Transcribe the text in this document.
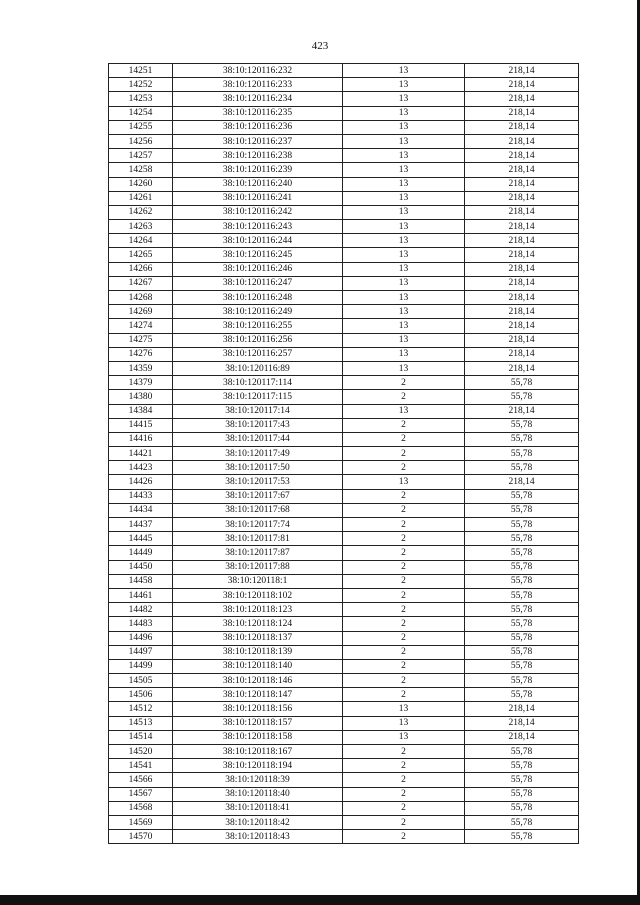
423
14251	38:10:120116:232	13	218,14
14252	38:10:120116:233	13	218,14
14253	38:10:120116:234	13	218,14
14254	38:10:120116:235	13	218,14
14255	38:10:120116:236	13	218,14
14256	38:10:120116:237	13	218,14
14257	38:10:120116:238	13	218,14
14258	38:10:120116:239	13	218,14
14260	38:10:120116:240	13	218,14
14261	38:10:120116:241	13	218,14
14262	38:10:120116:242	13	218,14
14263	38:10:120116:243	13	218,14
14264	38:10:120116:244	13	218,14
14265	38:10:120116:245	13	218,14
14266	38:10:120116:246	13	218,14
14267	38:10:120116:247	13	218,14
14268	38:10:120116:248	13	218,14
14269	38:10:120116:249	13	218,14
14274	38:10:120116:255	13	218,14
14275	38:10:120116:256	13	218,14
14276	38:10:120116:257	13	218,14
14359	38:10:120116:89	13	218,14
14379	38:10:120117:114	2	55,78
14380	38:10:120117:115	2	55,78
14384	38:10:120117:14	13	218,14
14415	38:10:120117:43	2	55,78
14416	38:10:120117:44	2	55,78
14421	38:10:120117:49	2	55,78
14423	38:10:120117:50	2	55,78
14426	38:10:120117:53	13	218,14
14433	38:10:120117:67	2	55,78
14434	38:10:120117:68	2	55,78
14437	38:10:120117:74	2	55,78
14445	38:10:120117:81	2	55,78
14449	38:10:120117:87	2	55,78
14450	38:10:120117:88	2	55,78
14458	38:10:120118:1	2	55,78
14461	38:10:120118:102	2	55,78
14482	38:10:120118:123	2	55,78
14483	38:10:120118:124	2	55,78
14496	38:10:120118:137	2	55,78
14497	38:10:120118:139	2	55,78
14499	38:10:120118:140	2	55,78
14505	38:10:120118:146	2	55,78
14506	38:10:120118:147	2	55,78
14512	38:10:120118:156	13	218,14
14513	38:10:120118:157	13	218,14
14514	38:10:120118:158	13	218,14
14520	38:10:120118:167	2	55,78
14541	38:10:120118:194	2	55,78
14566	38:10:120118:39	2	55,78
14567	38:10:120118:40	2	55,78
14568	38:10:120118:41	2	55,78
14569	38:10:120118:42	2	55,78
14570	38:10:120118:43	2	55,78
